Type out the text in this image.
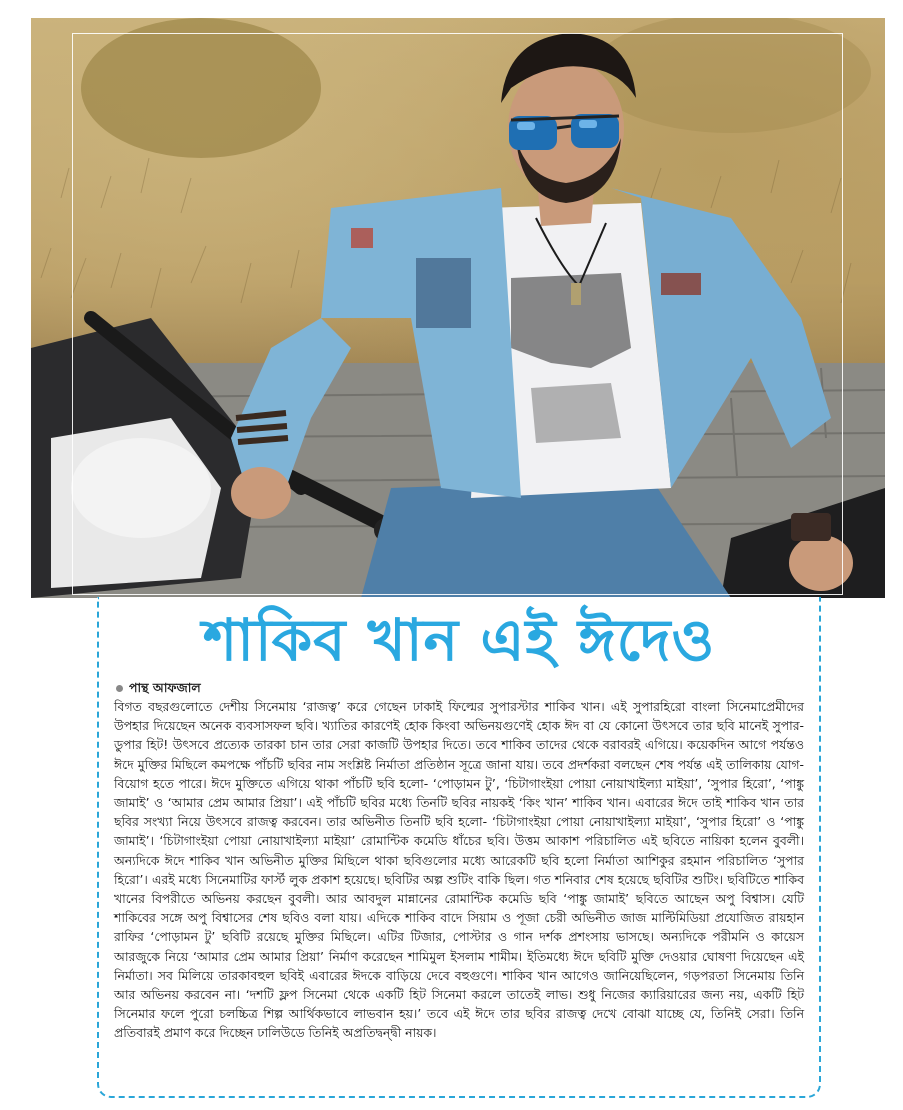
শাকিব খান এই ঈদেও
পান্থ আফজাল
বিগত বছরগুলোতে দেশীয় সিনেমায় ‘রাজত্ব’ করে গেছেন ঢাকাই ফিল্মের সুপারস্টার শাকিব খান। এই সুপারহিরো বাংলা সিনেমাপ্রেমীদের উপহার দিয়েছেন অনেক ব্যবসাসফল ছবি। খ্যাতির কারণেই হোক কিংবা অভিনয়গুণেই হোক ঈদ বা যে কোনো উৎসবে তার ছবি মানেই সুপার-ডুপার হিট! উৎসবে প্রত্যেক তারকা চান তার সেরা কাজটি উপহার দিতে। তবে শাকিব তাদের থেকে বরাবরই এগিয়ে। কয়েকদিন আগে পর্যন্তও ঈদে মুক্তির মিছিলে কমপক্ষে পাঁচটি ছবির নাম সংশ্লিষ্ট নির্মাতা প্রতিষ্ঠান সূত্রে জানা যায়। তবে প্রদর্শকরা বলছেন শেষ পর্যন্ত এই তালিকায় যোগ-বিয়োগ হতে পারে। ঈদে মুক্তিতে এগিয়ে থাকা পাঁচটি ছবি হলো- ‘পোড়ামন টু’, ‘চিটাগাংইয়া পোয়া নোয়াখাইল্যা মাইয়া’, ‘সুপার হিরো’, ‘পাঙ্কু জামাই’ ও ‘আমার প্রেম আমার প্রিয়া’। এই পাঁচটি ছবির মধ্যে তিনটি ছবির নায়কই ‘কিং খান’ শাকিব খান। এবারের ঈদে তাই শাকিব খান তার ছবির সংখ্যা নিয়ে উৎসবে রাজত্ব করবেন। তার অভিনীত তিনটি ছবি হলো- ‘চিটাগাংইয়া পোয়া নোয়াখাইল্যা মাইয়া’, ‘সুপার হিরো’ ও ‘পাঙ্কু জামাই’। ‘চিটাগাংইয়া পোয়া নোয়াখাইল্যা মাইয়া’ রোমান্টিক কমেডি ধাঁচের ছবি। উত্তম আকাশ পরিচালিত এই ছবিতে নায়িকা হলেন বুবলী। অন্যদিকে ঈদে শাকিব খান অভিনীত মুক্তির মিছিলে থাকা ছবিগুলোর মধ্যে আরেকটি ছবি হলো নির্মাতা আশিকুর রহমান পরিচালিত ‘সুপার হিরো’। এরই মধ্যে সিনেমাটির ফার্স্ট লুক প্রকাশ হয়েছে। ছবিটির অল্প শুটিং বাকি ছিল। গত শনিবার শেষ হয়েছে ছবিটির শুটিং। ছবিটিতে শাকিব খানের বিপরীতে অভিনয় করছেন বুবলী। আর আবদুল মান্নানের রোমান্টিক কমেডি ছবি ‘পাঙ্কু জামাই’ ছবিতে আছেন অপু বিশ্বাস। যেটি শাকিবের সঙ্গে অপু বিশ্বাসের শেষ ছবিও বলা যায়। এদিকে শাকিব বাদে সিয়াম ও পূজা চেরী অভিনীত জাজ মাল্টিমিডিয়া প্রযোজিত রায়হান রাফির ‘পোড়ামন টু’ ছবিটি রয়েছে মুক্তির মিছিলে। এটির টিজার, পোস্টার ও গান দর্শক প্রশংসায় ভাসছে। অন্যদিকে পরীমনি ও কায়েস আরজুকে নিয়ে ‘আমার প্রেম আমার প্রিয়া’ নির্মাণ করেছেন শামিমুল ইসলাম শামীম। ইতিমধ্যে ঈদে ছবিটি মুক্তি দেওয়ার ঘোষণা দিয়েছেন এই নির্মাতা। সব মিলিয়ে তারকাবহুল ছবিই এবারের ঈদকে বাড়িয়ে দেবে বহুগুণে। শাকিব খান আগেও জানিয়েছিলেন, গড়পরতা সিনেমায় তিনি আর অভিনয় করবেন না। ‘দশটি ফ্লপ সিনেমা থেকে একটি হিট সিনেমা করলে তাতেই লাভ। শুধু নিজের ক্যারিয়ারের জন্য নয়, একটি হিট সিনেমার ফলে পুরো চলচ্চিত্র শিল্প আর্থিকভাবে লাভবান হয়।’ তবে এই ঈদে তার ছবির রাজত্ব দেখে বোঝা যাচ্ছে যে, তিনিই সেরা। তিনি প্রতিবারই প্রমাণ করে দিচ্ছেন ঢালিউডে তিনিই অপ্রতিদ্বন্দ্বী নায়ক।
